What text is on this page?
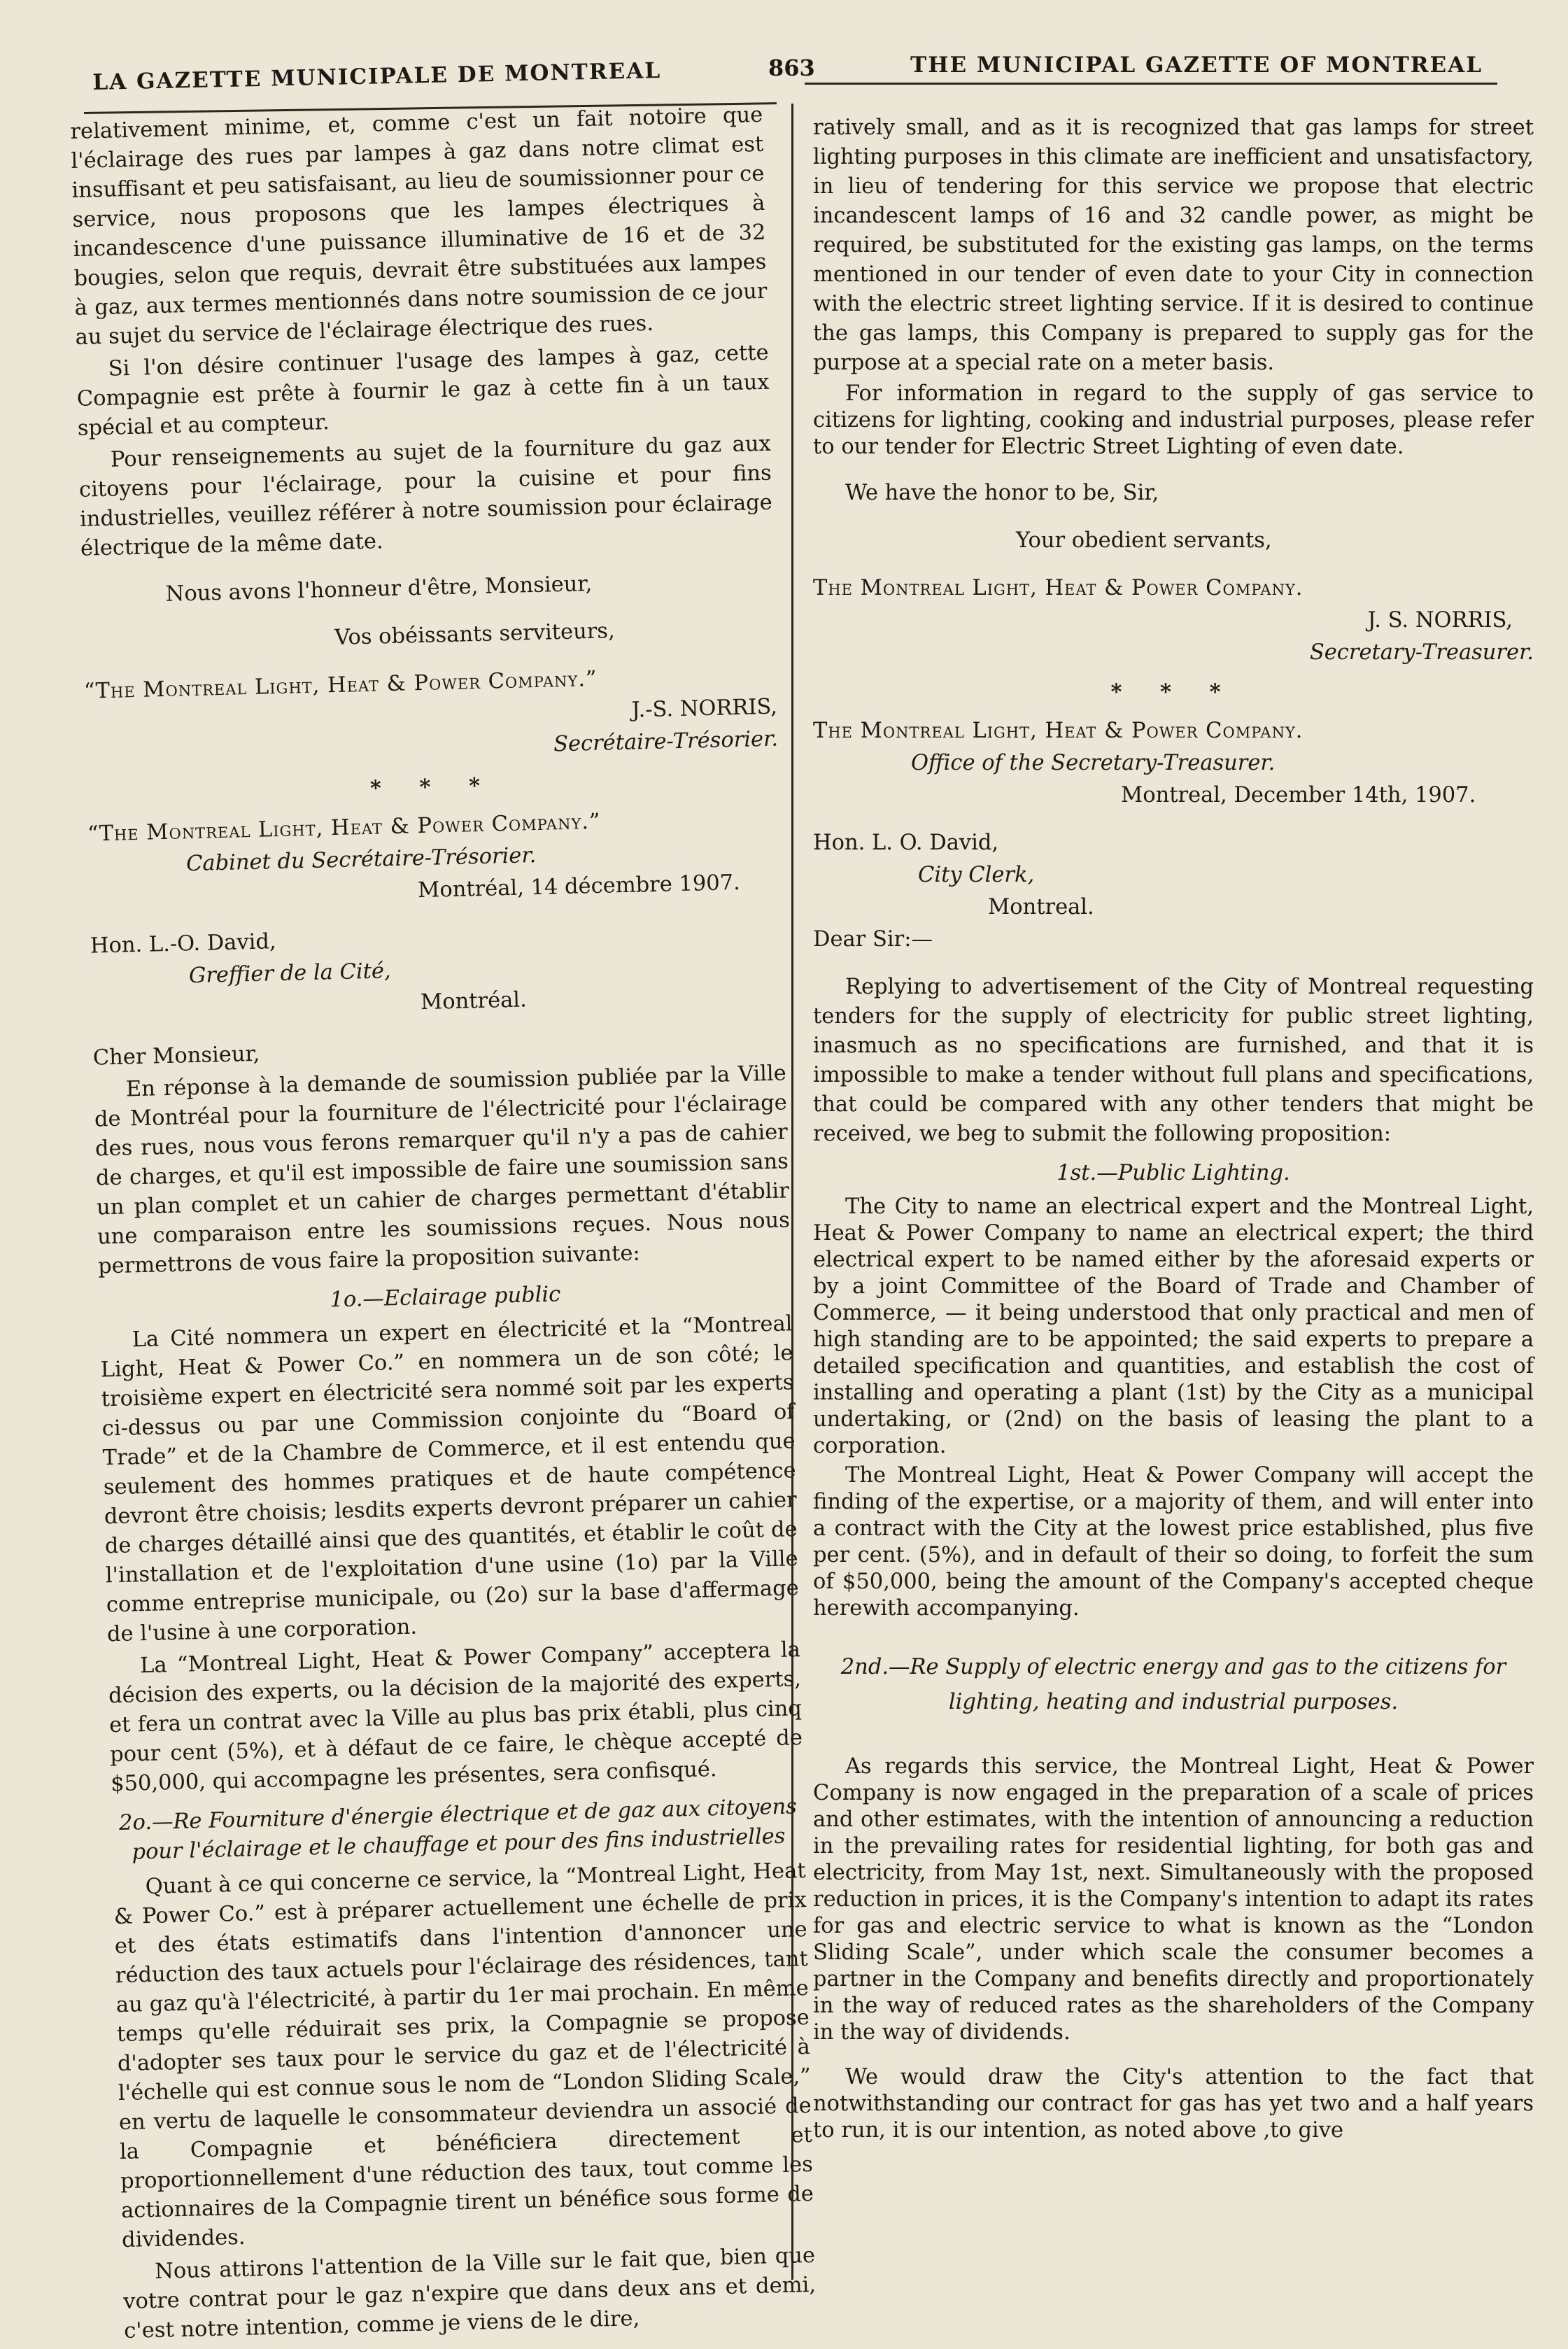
LA GAZETTE MUNICIPALE DE MONTREAL	863	THE MUNICIPAL GAZETTE OF MONTREAL

relativement minime, et, comme c'est un fait notoire que l'éclairage des rues par lampes à gaz dans notre climat est insuffisant et peu satisfaisant, au lieu de soumissionner pour ce service, nous proposons que les lampes électriques à incandescence d'une puissance illuminative de 16 et de 32 bougies, selon que requis, devrait être substituées aux lampes à gaz, aux termes mentionnés dans notre soumission de ce jour au sujet du service de l'éclairage électrique des rues.

Si l'on désire continuer l'usage des lampes à gaz, cette Compagnie est prête à fournir le gaz à cette fin à un taux spécial et au compteur.

Pour renseignements au sujet de la fourniture du gaz aux citoyens pour l'éclairage, pour la cuisine et pour fins industrielles, veuillez référer à notre soumission pour éclairage électrique de la même date.

Nous avons l'honneur d'être, Monsieur,

Vos obéissants serviteurs,

“The Montreal Light, Heat & Power Company.”

J.-S. NORRIS,

Secrétaire-Trésorier.

* * *

“The Montreal Light, Heat & Power Company.”

Cabinet du Secrétaire-Trésorier.

Montréal, 14 décembre 1907.

Hon. L.-O. David,

Greffier de la Cité,

Montréal.

Cher Monsieur,

En réponse à la demande de soumission publiée par la Ville de Montréal pour la fourniture de l'électricité pour l'éclairage des rues, nous vous ferons remarquer qu'il n'y a pas de cahier de charges, et qu'il est impossible de faire une soumission sans un plan complet et un cahier de charges permettant d'établir une comparaison entre les soumissions reçues. Nous nous permettrons de vous faire la proposition suivante:

1o.—Eclairage public

La Cité nommera un expert en électricité et la “Montreal Light, Heat & Power Co.” en nommera un de son côté; le troisième expert en électricité sera nommé soit par les experts ci-dessus ou par une Commission conjointe du “Board of Trade” et de la Chambre de Commerce, et il est entendu que seulement des hommes pratiques et de haute compétence devront être choisis; lesdits experts devront préparer un cahier de charges détaillé ainsi que des quantités, et établir le coût de l'installation et de l'exploitation d'une usine (1o) par la Ville comme entreprise municipale, ou (2o) sur la base d'affermage de l'usine à une corporation.

La “Montreal Light, Heat & Power Company” acceptera la décision des experts, ou la décision de la majorité des experts, et fera un contrat avec la Ville au plus bas prix établi, plus cinq pour cent (5%), et à défaut de ce faire, le chèque accepté de $50,000, qui accompagne les présentes, sera confisqué.

2o.—Re Fourniture d'énergie électrique et de gaz aux citoyens pour l'éclairage et le chauffage et pour des fins industrielles

Quant à ce qui concerne ce service, la “Montreal Light, Heat & Power Co.” est à préparer actuellement une échelle de prix et des états estimatifs dans l'intention d'annoncer une réduction des taux actuels pour l'éclairage des résidences, tant au gaz qu'à l'électricité, à partir du 1er mai prochain. En même temps qu'elle réduirait ses prix, la Compagnie se propose d'adopter ses taux pour le service du gaz et de l'électricité à l'échelle qui est connue sous le nom de “London Sliding Scale,” en vertu de laquelle le consommateur deviendra un associé de la Compagnie et bénéficiera directement et proportionnellement d'une réduction des taux, tout comme les actionnaires de la Compagnie tirent un bénéfice sous forme de dividendes.

Nous attirons l'attention de la Ville sur le fait que, bien que votre contrat pour le gaz n'expire que dans deux ans et demi, c'est notre intention, comme je viens de le dire,

ratively small, and as it is recognized that gas lamps for street lighting purposes in this climate are inefficient and unsatisfactory, in lieu of tendering for this service we propose that electric incandescent lamps of 16 and 32 candle power, as might be required, be substituted for the existing gas lamps, on the terms mentioned in our tender of even date to your City in connection with the electric street lighting service. If it is desired to continue the gas lamps, this Company is prepared to supply gas for the purpose at a special rate on a meter basis.

For information in regard to the supply of gas service to citizens for lighting, cooking and industrial purposes, please refer to our tender for Electric Street Lighting of even date.

We have the honor to be, Sir,

Your obedient servants,

The Montreal Light, Heat & Power Company.

J. S. NORRIS,

Secretary-Treasurer.

* * *

The Montreal Light, Heat & Power Company.

Office of the Secretary-Treasurer.

Montreal, December 14th, 1907.

Hon. L. O. David,

City Clerk,

Montreal.

Dear Sir:—

Replying to advertisement of the City of Montreal requesting tenders for the supply of electricity for public street lighting, inasmuch as no specifications are furnished, and that it is impossible to make a tender without full plans and specifications, that could be compared with any other tenders that might be received, we beg to submit the following proposition:

1st.—Public Lighting.

The City to name an electrical expert and the Montreal Light, Heat & Power Company to name an electrical expert; the third electrical expert to be named either by the aforesaid experts or by a joint Committee of the Board of Trade and Chamber of Commerce, — it being understood that only practical and men of high standing are to be appointed; the said experts to prepare a detailed specification and quantities, and establish the cost of installing and operating a plant (1st) by the City as a municipal undertaking, or (2nd) on the basis of leasing the plant to a corporation.

The Montreal Light, Heat & Power Company will accept the finding of the expertise, or a majority of them, and will enter into a contract with the City at the lowest price established, plus five per cent. (5%), and in default of their so doing, to forfeit the sum of $50,000, being the amount of the Company's accepted cheque herewith accompanying.

2nd.—Re Supply of electric energy and gas to the citizens for lighting, heating and industrial purposes.

As regards this service, the Montreal Light, Heat & Power Company is now engaged in the preparation of a scale of prices and other estimates, with the intention of announcing a reduction in the prevailing rates for residential lighting, for both gas and electricity, from May 1st, next. Simultaneously with the proposed reduction in prices, it is the Company's intention to adapt its rates for gas and electric service to what is known as the “London Sliding Scale”, under which scale the consumer becomes a partner in the Company and benefits directly and proportionately in the way of reduced rates as the shareholders of the Company in the way of dividends.

We would draw the City's attention to the fact that notwithstanding our contract for gas has yet two and a half years to run, it is our intention, as noted above ,to give
